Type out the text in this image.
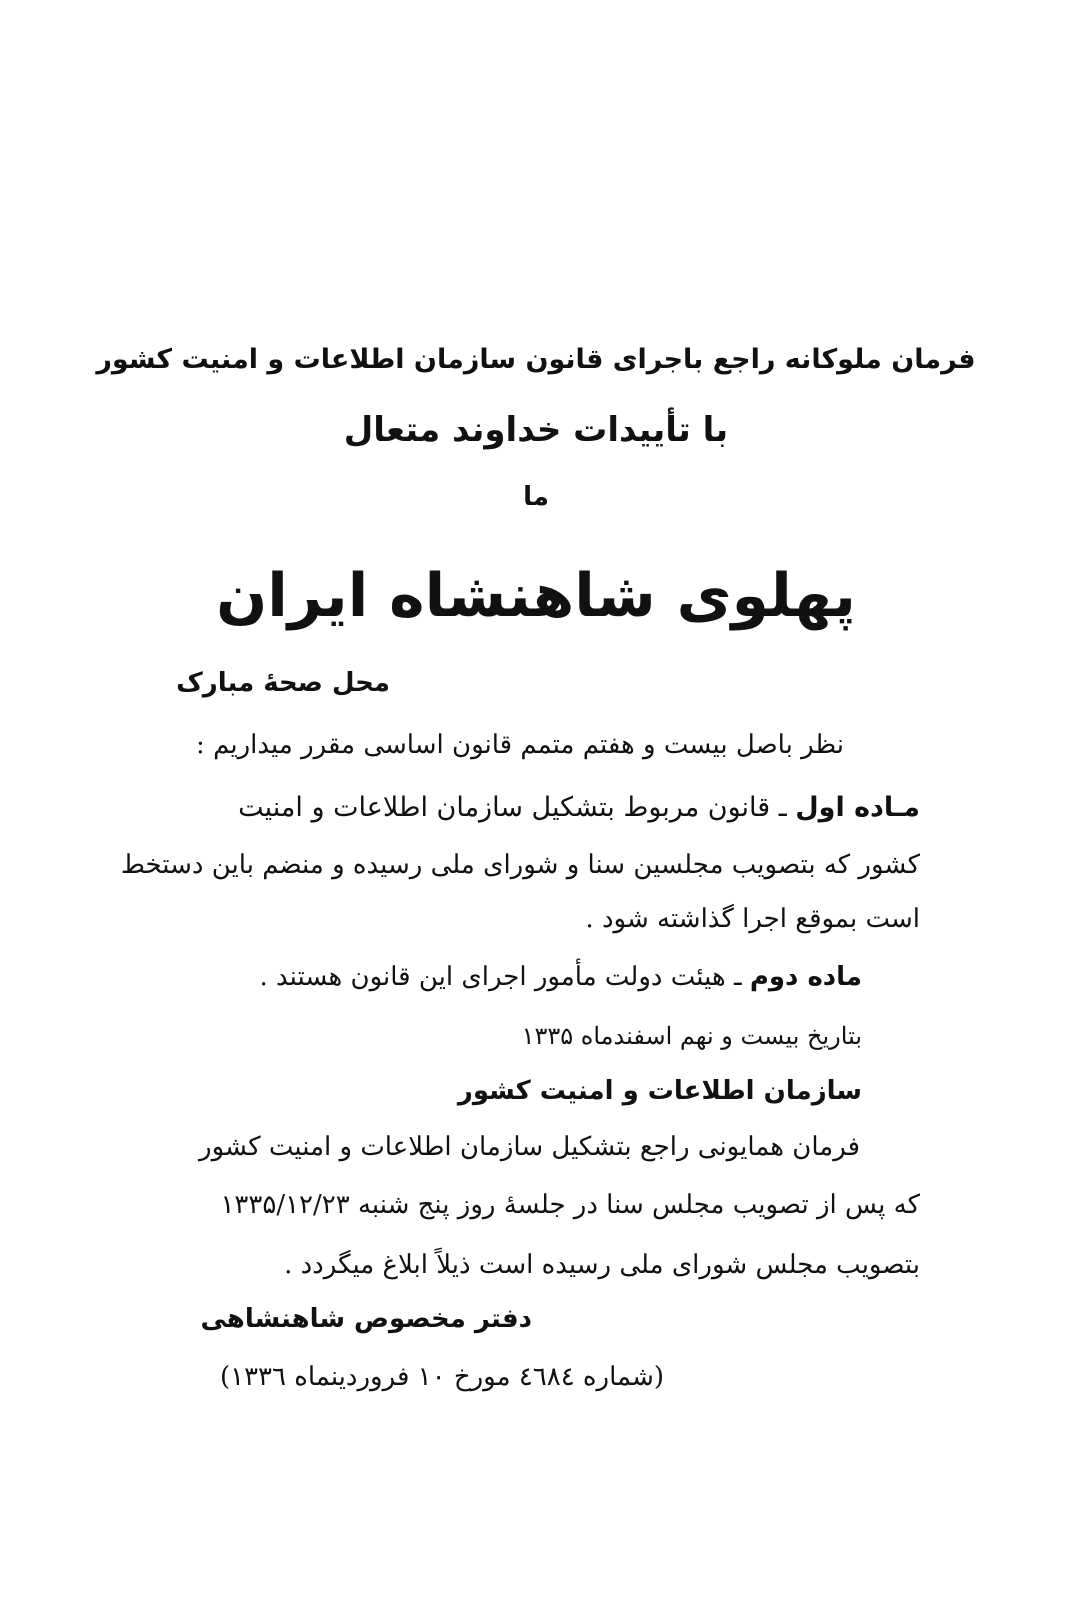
فرمان ملوکانه راجع باجرای قانون سازمان اطلاعات و امنیت کشور
با تأییدات خداوند متعال
ما
پهلوی شاهنشاه ایران
محل صحهٔ مبارک
نظر باصل بیست و هفتم متمم قانون اساسی مقرر میداریم :
مـاده اول ـ قانون مربوط بتشکیل سازمان اطلاعات و امنیت
کشور که بتصویب مجلسین سنا و شورای ملی رسیده و منضم باین دستخط
است بموقع اجرا گذاشته شود .
ماده دوم ـ هیئت دولت مأمور اجرای این قانون هستند .
بتاریخ بیست و نهم اسفندماه ۱۳۳۵
سازمان اطلاعات و امنیت کشور
فرمان همایونی راجع بتشکیل سازمان اطلاعات و امنیت کشور
که پس از تصویب مجلس سنا در جلسهٔ روز پنج شنبه ۱۳۳۵/۱۲/۲۳
بتصویب مجلس شورای ملی رسیده است ذیلاً ابلاغ میگردد .
دفتر مخصوص شاهنشاهی
(شماره ٤٦٨٤ مورخ ۱۰ فروردینماه ۱۳۳٦)
